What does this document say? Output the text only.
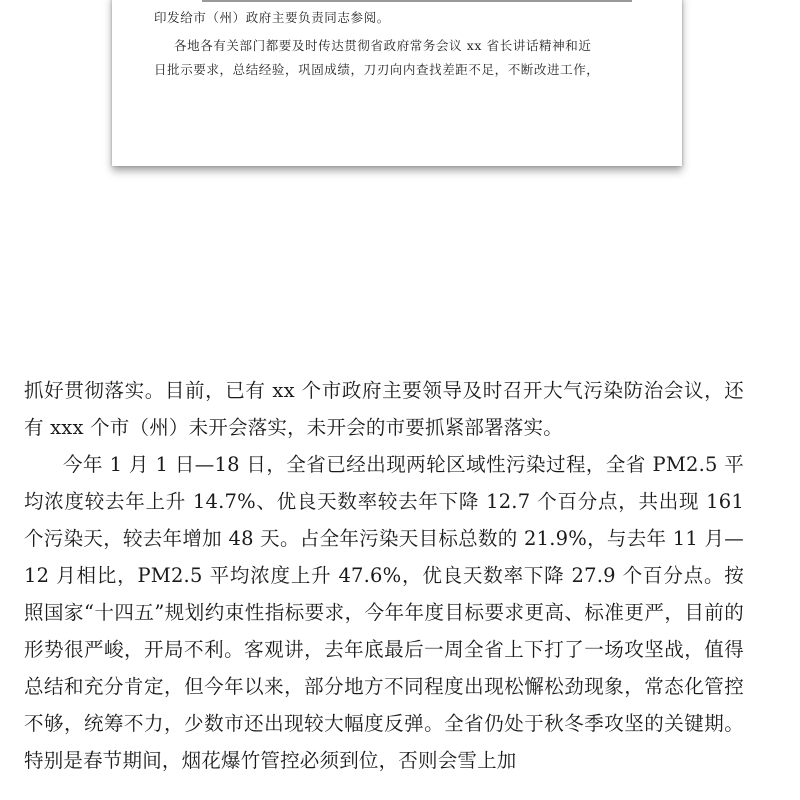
印发给市（州）政府主要负责同志参阅。

各地各有关部门都要及时传达贯彻省政府常务会议 xx 省长讲话精神和近

日批示要求，总结经验，巩固成绩，刀刃向内查找差距不足，不断改进工作，

抓好贯彻落实。目前，已有 xx 个市政府主要领导及时召开大气污染防治会议，还有 xxx 个市（州）未开会落实，未开会的市要抓紧部署落实。

今年 1 月 1 日—18 日，全省已经出现两轮区域性污染过程，全省 PM2.5 平均浓度较去年上升 14.7%、优良天数率较去年下降 12.7 个百分点，共出现 161 个污染天，较去年增加 48 天。占全年污染天目标总数的 21.9%，与去年 11 月—12 月相比，PM2.5 平均浓度上升 47.6%，优良天数率下降 27.9 个百分点。按照国家“十四五”规划约束性指标要求，今年年度目标要求更高、标准更严，目前的形势很严峻，开局不利。客观讲，去年底最后一周全省上下打了一场攻坚战，值得总结和充分肯定，但今年以来，部分地方不同程度出现松懈松劲现象，常态化管控不够，统筹不力，少数市还出现较大幅度反弹。全省仍处于秋冬季攻坚的关键期。特别是春节期间，烟花爆竹管控必须到位，否则会雪上加
